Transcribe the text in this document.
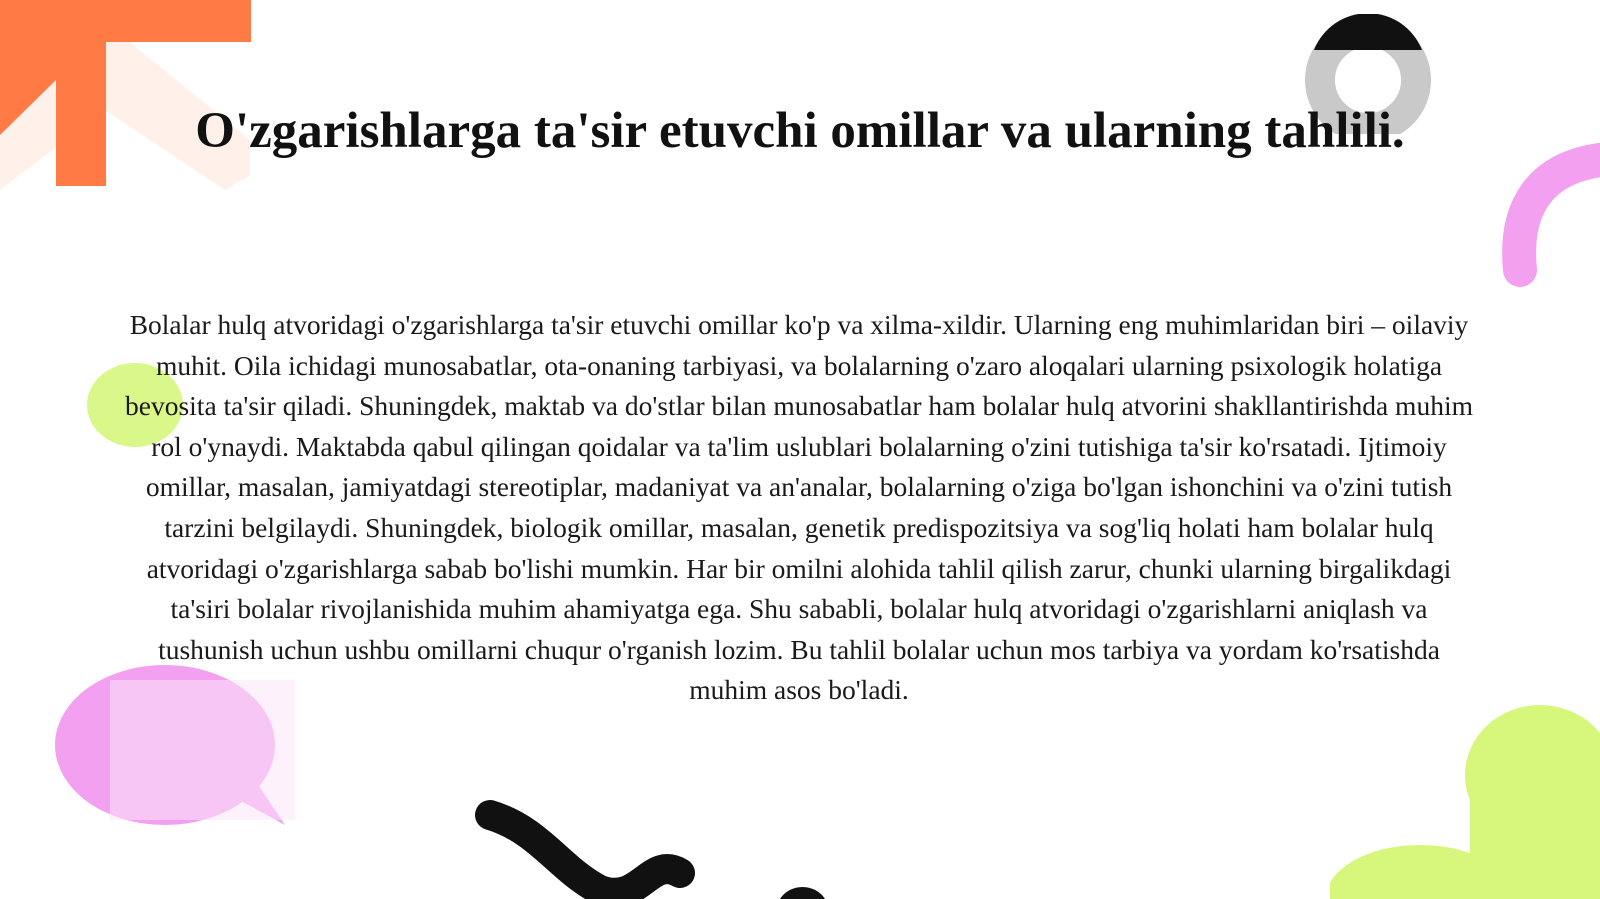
O'zgarishlarga ta'sir etuvchi omillar va ularning tahlili.

Bolalar hulq atvoridagi o'zgarishlarga ta'sir etuvchi omillar ko'p va xilma-xildir. Ularning eng muhimlaridan biri – oilaviy muhit. Oila ichidagi munosabatlar, ota-onaning tarbiyasi, va bolalarning o'zaro aloqalari ularning psixologik holatiga bevosita ta'sir qiladi. Shuningdek, maktab va do'stlar bilan munosabatlar ham bolalar hulq atvorini shakllantirishda muhim rol o'ynaydi. Maktabda qabul qilingan qoidalar va ta'lim uslublari bolalarning o'zini tutishiga ta'sir ko'rsatadi. Ijtimoiy omillar, masalan, jamiyatdagi stereotiplar, madaniyat va an'analar, bolalarning o'ziga bo'lgan ishonchini va o'zini tutish tarzini belgilaydi. Shuningdek, biologik omillar, masalan, genetik predispozitsiya va sog'liq holati ham bolalar hulq atvoridagi o'zgarishlarga sabab bo'lishi mumkin. Har bir omilni alohida tahlil qilish zarur, chunki ularning birgalikdagi ta'siri bolalar rivojlanishida muhim ahamiyatga ega. Shu sababli, bolalar hulq atvoridagi o'zgarishlarni aniqlash va tushunish uchun ushbu omillarni chuqur o'rganish lozim. Bu tahlil bolalar uchun mos tarbiya va yordam ko'rsatishda muhim asos bo'ladi.
